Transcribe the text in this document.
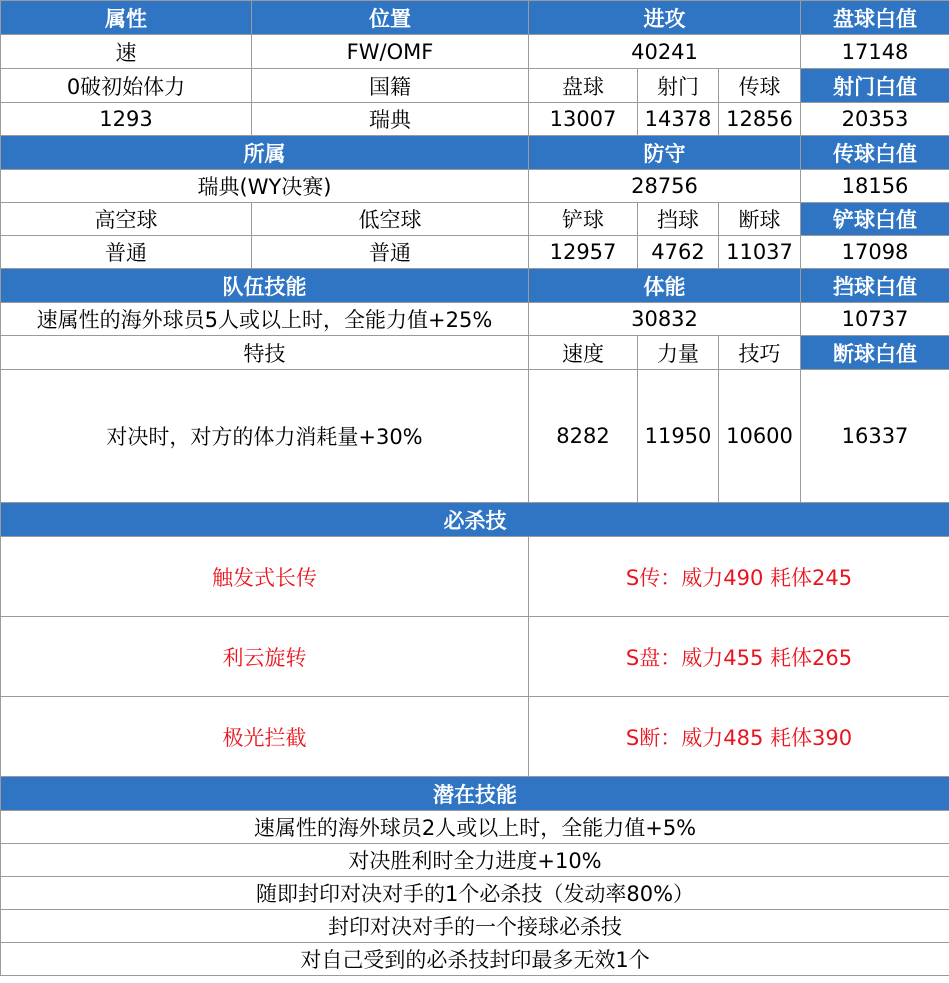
属性	位置	进攻			盘球白值
速	FW/OMF	40241			17148
0破初始体力	国籍	盘球	射门	传球	射门白值
1293	瑞典	13007	14378	12856	20353
所属		防守			传球白值
瑞典(WY决赛)		28756			18156
高空球	低空球	铲球	挡球	断球	铲球白值
普通	普通	12957	4762	11037	17098
队伍技能		体能			挡球白值
速属性的海外球员5人或以上时，全能力值+25%		30832			10737
特技		速度	力量	技巧	断球白值
对决时，对方的体力消耗量+30%		8282	11950	10600	16337
必杀技					
触发式长传		S传：威力490 耗体245			
利云旋转		S盘：威力455 耗体265			
极光拦截		S断：威力485 耗体390			
潜在技能					
速属性的海外球员2人或以上时，全能力值+5%					
对决胜利时全力进度+10%					
随即封印对决对手的1个必杀技（发动率80%）					
封印对决对手的一个接球必杀技					
对自己受到的必杀技封印最多无效1个					
